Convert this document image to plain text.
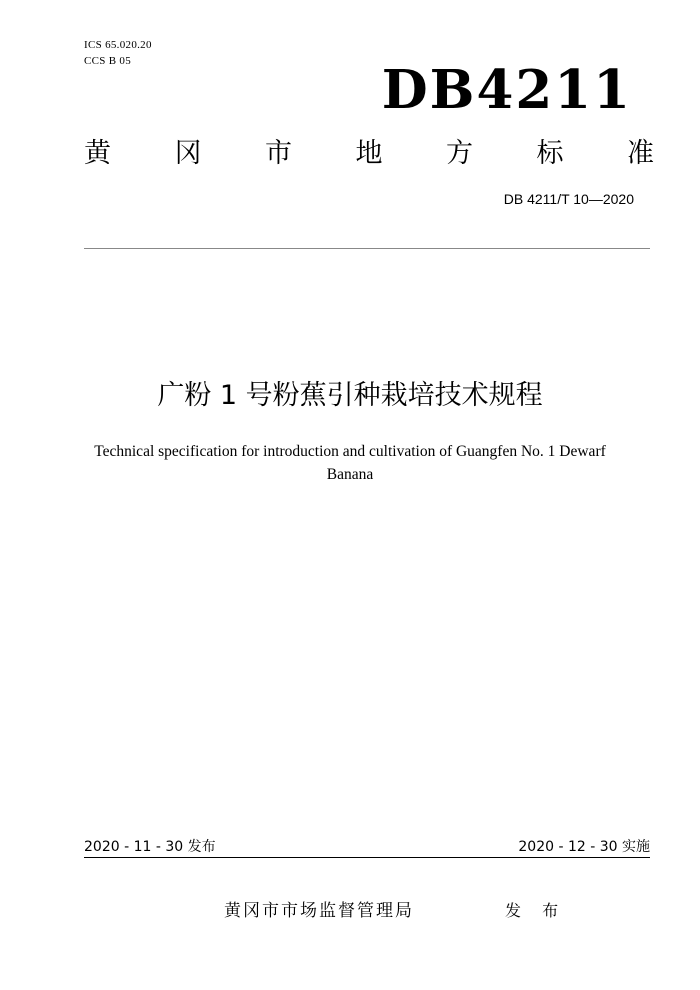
ICS 65.020.20
CCS B 05	DB4211
黄 冈 市 地 方 标 准
DB 4211/T 10—2020
广粉 1 号粉蕉引种栽培技术规程
Technical specification for introduction and cultivation of Guangfen No. 1 Dewarf
Banana
2020 - 11 - 30 发布	2020 - 12 - 30 实施
黄冈市市场监督管理局	发 布
